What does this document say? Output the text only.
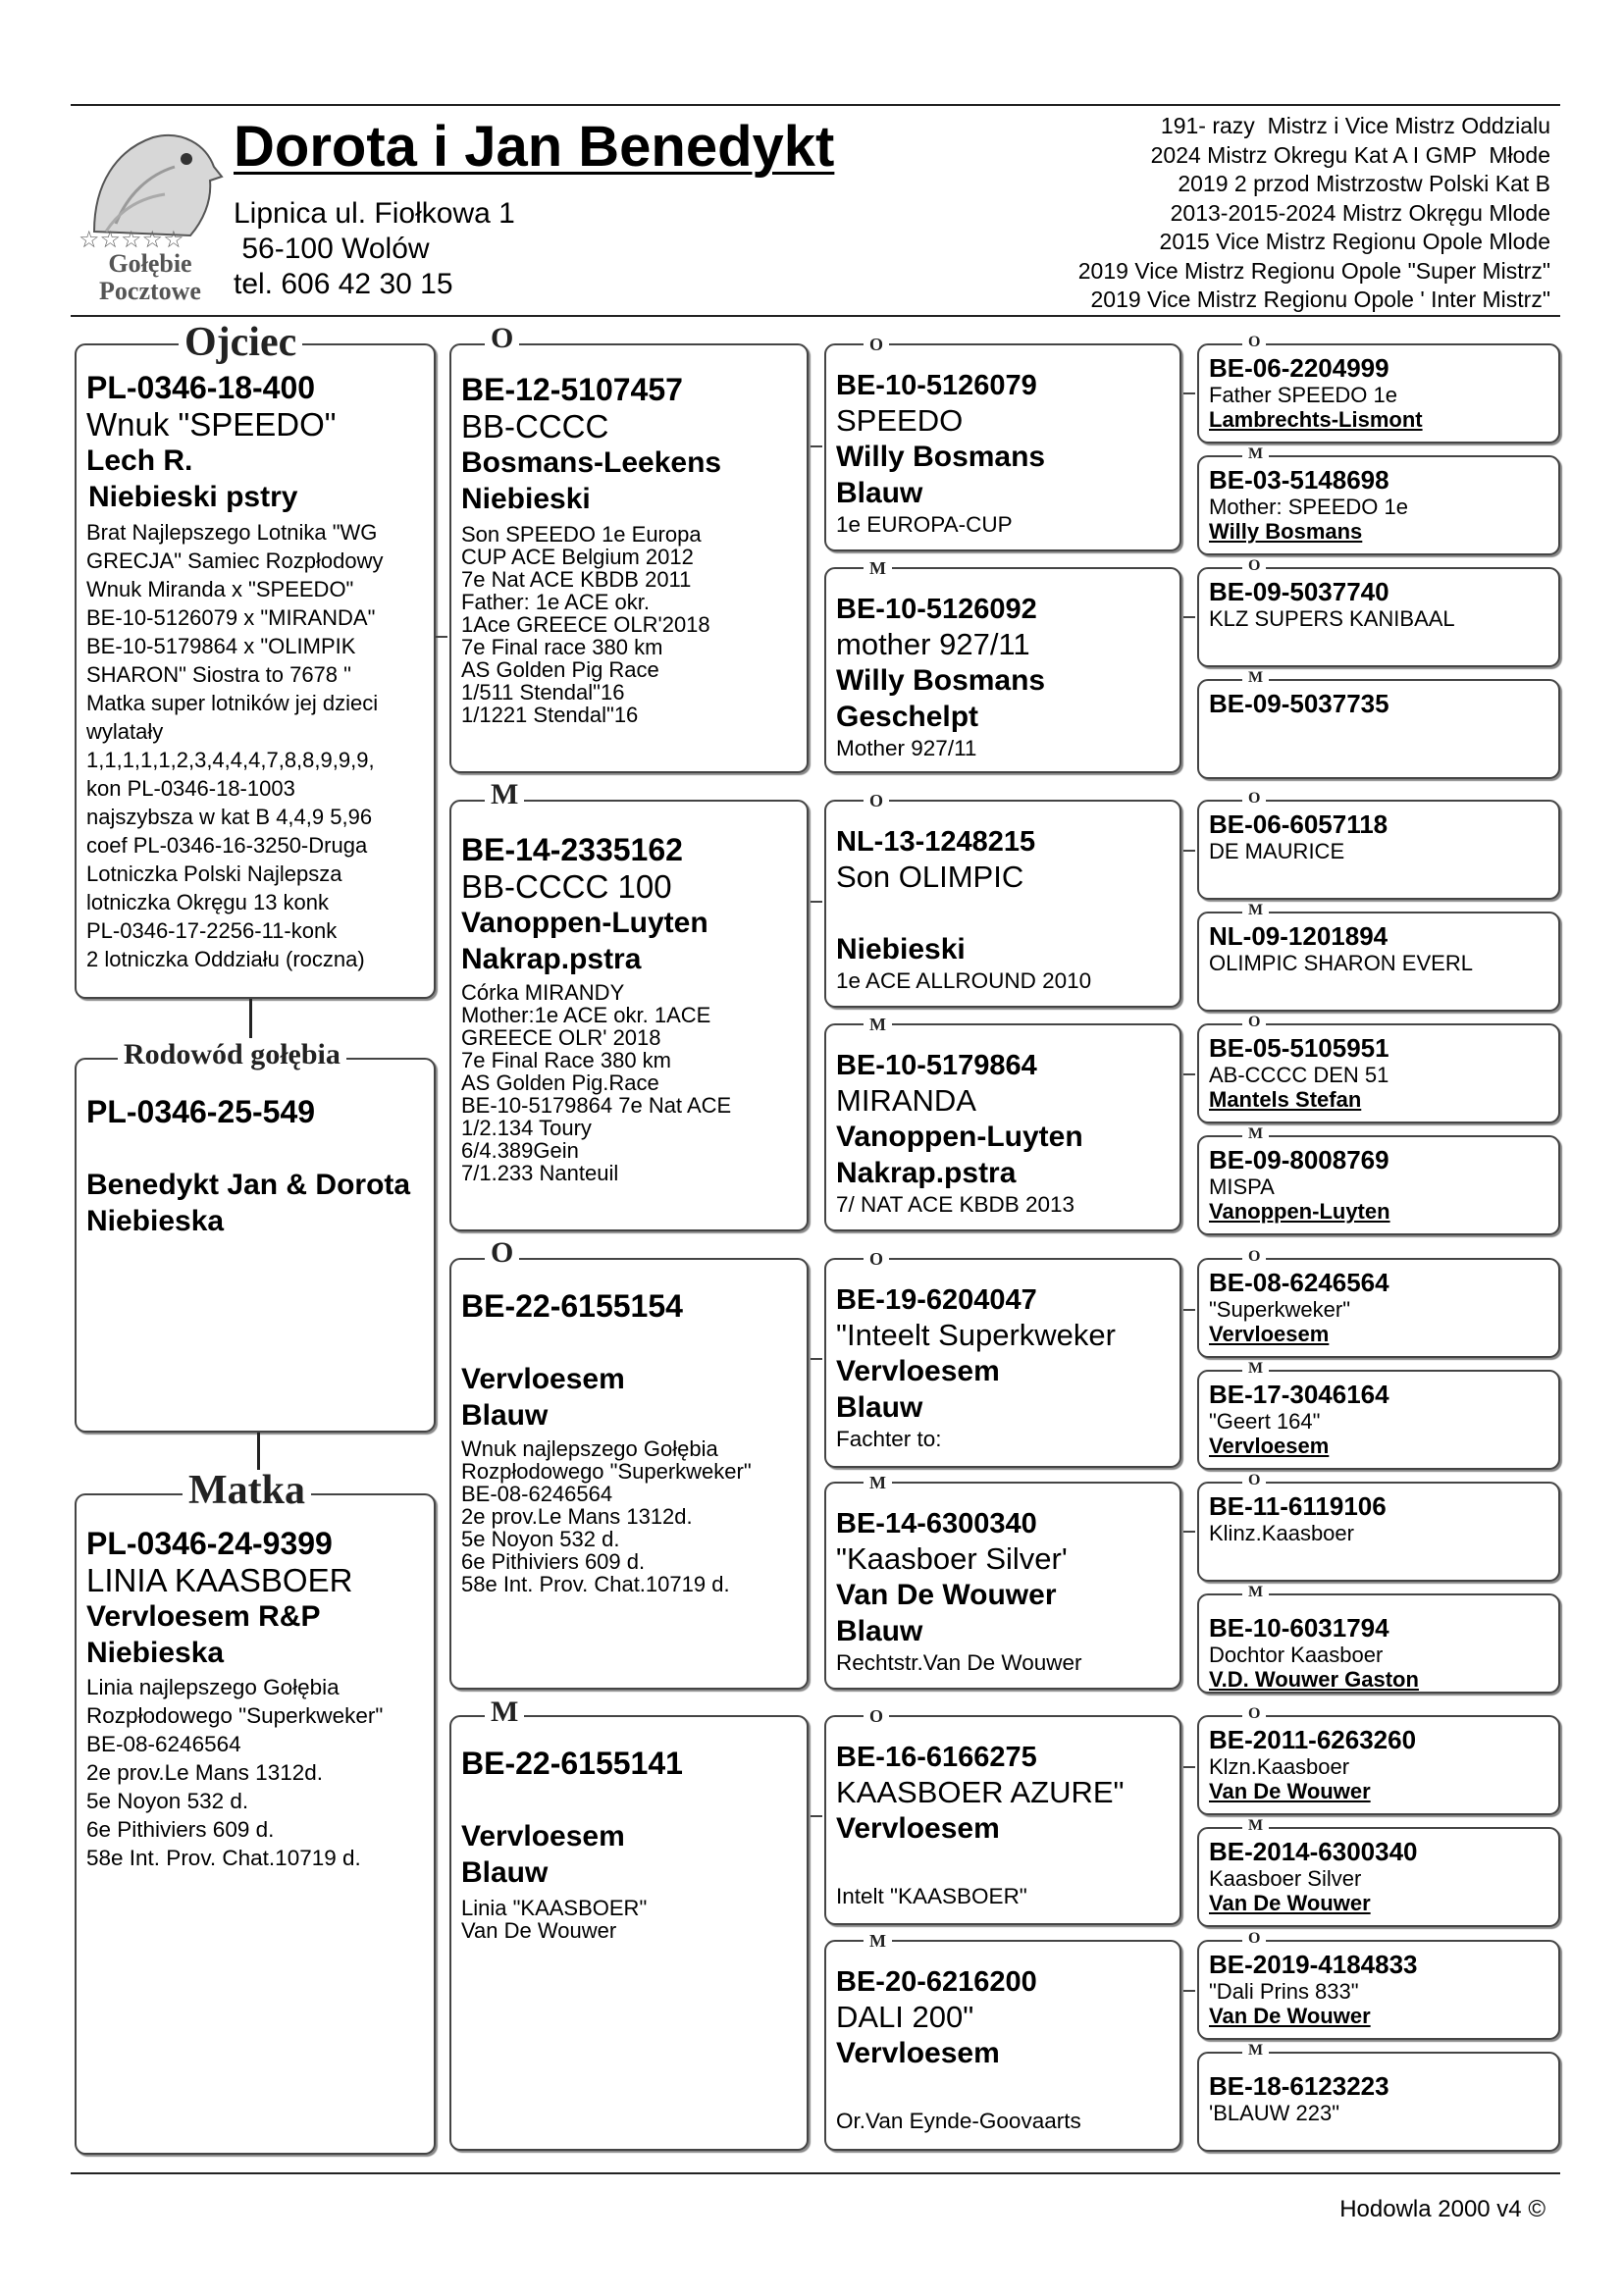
☆☆☆☆☆
Gołębie
Pocztowe
Dorota i Jan Benedykt
Lipnica ul. Fiołkowa 1
56-100 Wolów
tel. 606 42 30 15
191- razy  Mistrz i Vice Mistrz Oddzialu
2024 Mistrz Okregu Kat A I GMP  Młode
2019 2 przod Mistrzostw Polski Kat B
2013-2015-2024 Mistrz Okręgu Mlode
2015 Vice Mistrz Regionu Opole Mlode
2019 Vice Mistrz Regionu Opole "Super Mistrz"
2019 Vice Mistrz Regionu Opole ' Inter Mistrz"
Ojciec
PL-0346-18-400
Wnuk "SPEEDO"
Lech R.
Niebieski pstry
Brat Najlepszego Lotnika "WG
GRECJA" Samiec Rozpłodowy
Wnuk Miranda x "SPEEDO"
BE-10-5126079 x "MIRANDA"
BE-10-5179864 x "OLIMPIK
SHARON" Siostra to 7678 "
Matka super lotników jej dzieci
wylatały
1,1,1,1,1,2,3,4,4,4,7,8,8,9,9,9,
kon PL-0346-18-1003
najszybsza w kat B 4,4,9 5,96
coef PL-0346-16-3250-Druga
Lotniczka Polski Najlepsza
lotniczka Okręgu 13 konk
PL-0346-17-2256-11-konk
2 lotniczka Oddziału (roczna)
Rodowód gołębia
PL-0346-25-549
Benedykt Jan & Dorota
Niebieska
Matka
PL-0346-24-9399
LINIA KAASBOER
Vervloesem R&P
Niebieska
Linia najlepszego Gołębia
Rozpłodowego "Superkweker"
BE-08-6246564
2e prov.Le Mans 1312d.
5e Noyon 532 d.
6e Pithiviers 609 d.
58e Int. Prov. Chat.10719 d.
O
BE-12-5107457
BB-CCCC
Bosmans-Leekens
Niebieski
Son SPEEDO 1e Europa
CUP ACE Belgium 2012
7e Nat ACE KBDB 2011
Father: 1e ACE okr.
1Ace GREECE OLR'2018
7e Final race 380 km
AS Golden Pig Race
1/511 Stendal"16
1/1221 Stendal"16
M
BE-14-2335162
BB-CCCC 100
Vanoppen-Luyten
Nakrap.pstra
Córka MIRANDY
Mother:1e ACE okr. 1ACE
GREECE OLR' 2018
7e Final Race 380 km
AS Golden Pig.Race
BE-10-5179864 7e Nat ACE
1/2.134 Toury
6/4.389Gein
7/1.233 Nanteuil
O
BE-22-6155154
Vervloesem
Blauw
Wnuk najlepszego Gołębia
Rozpłodowego "Superkweker"
BE-08-6246564
2e prov.Le Mans 1312d.
5e Noyon 532 d.
6e Pithiviers 609 d.
58e Int. Prov. Chat.10719 d.
M
BE-22-6155141
Vervloesem
Blauw
Linia "KAASBOER"
Van De Wouwer
O
BE-10-5126079
SPEEDO
Willy Bosmans
Blauw
1e EUROPA-CUP
M
BE-10-5126092
mother 927/11
Willy Bosmans
Geschelpt
Mother 927/11
O
NL-13-1248215
Son OLIMPIC
Niebieski
1e ACE ALLROUND 2010
M
BE-10-5179864
MIRANDA
Vanoppen-Luyten
Nakrap.pstra
7/ NAT ACE KBDB 2013
O
BE-19-6204047
"Inteelt Superkweker
Vervloesem
Blauw
Fachter to:
M
BE-14-6300340
"Kaasboer Silver'
Van De Wouwer
Blauw
Rechtstr.Van De Wouwer
O
BE-16-6166275
KAASBOER AZURE"
Vervloesem
Intelt "KAASBOER"
M
BE-20-6216200
DALI 200"
Vervloesem
Or.Van Eynde-Goovaarts
O
BE-06-2204999
Father SPEEDO 1e
Lambrechts-Lismont
M
BE-03-5148698
Mother: SPEEDO 1e
Willy Bosmans
O
BE-09-5037740
KLZ SUPERS KANIBAAL
M
BE-09-5037735
O
BE-06-6057118
DE MAURICE
M
NL-09-1201894
OLIMPIC SHARON EVERL
O
BE-05-5105951
AB-CCCC DEN 51
Mantels Stefan
M
BE-09-8008769
MISPA
Vanoppen-Luyten
O
BE-08-6246564
"Superkweker"
Vervloesem
M
BE-17-3046164
"Geert 164"
Vervloesem
O
BE-11-6119106
Klinz.Kaasboer
M
BE-10-6031794
Dochtor Kaasboer
V.D. Wouwer Gaston
O
BE-2011-6263260
Klzn.Kaasboer
Van De Wouwer
M
BE-2014-6300340
Kaasboer Silver
Van De Wouwer
O
BE-2019-4184833
"Dali Prins 833"
Van De Wouwer
M
BE-18-6123223
'BLAUW 223"
Hodowla 2000 v4 ©
